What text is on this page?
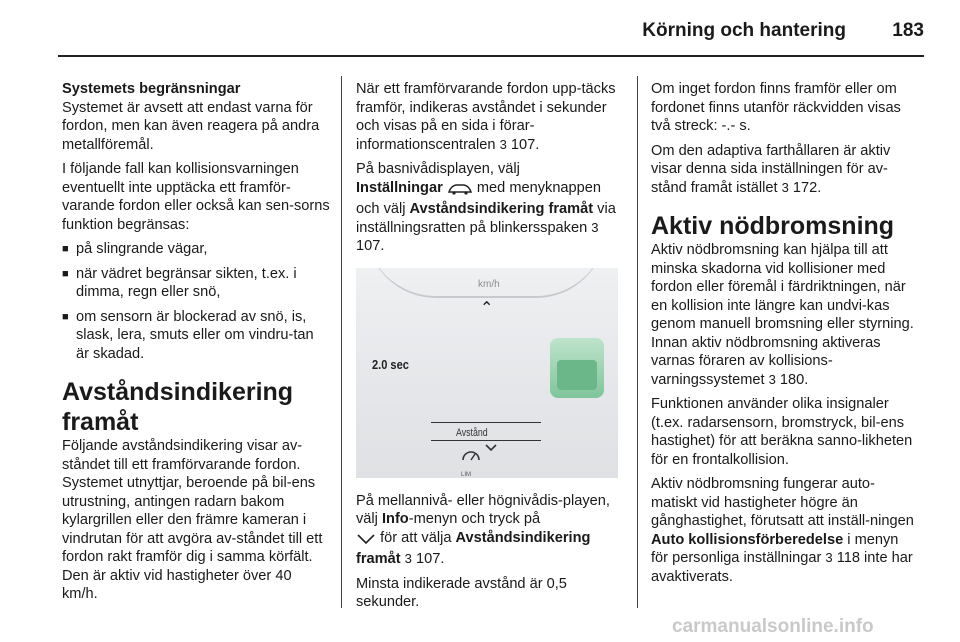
Körning och hantering 183

Systemets begränsningar

Systemet är avsett att endast varna för fordon, men kan även reagera på andra metallföremål.

I följande fall kan kollisionsvarningen eventuellt inte upptäcka ett framför-varande fordon eller också kan sen-sorns funktion begränsas:

■ på slingrande vägar,
■ när vädret begränsar sikten, t.ex. i dimma, regn eller snö,
■ om sensorn är blockerad av snö, is, slask, lera, smuts eller om vindru-tan är skadad.
Avståndsindikering framåt

Följande avståndsindikering visar av-ståndet till ett framförvarande fordon. Systemet utnyttjar, beroende på bil-ens utrustning, antingen radarn bakom kylargrillen eller den främre kameran i vindrutan för att avgöra av-ståndet till ett fordon rakt framför dig i samma körfält. Den är aktiv vid hastigheter över 40 km/h.

När ett framförvarande fordon upp-täcks framför, indikeras avståndet i sekunder och visas på en sida i förar-informationscentralen 3 107.

På basnivådisplayen, välj
Inställningar med menyknappen och välj Avståndsindikering framåt via inställningsratten på blinkersspaken 3 107.

km/h
⌃
2.0 sec
Avstånd
LIM

På mellannivå- eller högnivådis-playen, välj Info-menyn och tryck på
för att välja Avståndsindikering framåt 3 107.

Minsta indikerade avstånd är 0,5 sekunder.

Om inget fordon finns framför eller om fordonet finns utanför räckvidden visas två streck: -.- s.

Om den adaptiva farthållaren är aktiv visar denna sida inställningen för av-stånd framåt istället 3 172.

Aktiv nödbromsning

Aktiv nödbromsning kan hjälpa till att minska skadorna vid kollisioner med fordon eller föremål i färdriktningen, när en kollision inte längre kan undvi-kas genom manuell bromsning eller styrning. Innan aktiv nödbromsning aktiveras varnas föraren av kollisions-varningssystemet 3 180.

Funktionen använder olika insignaler (t.ex. radarsensorn, bromstryck, bil-ens hastighet) för att beräkna sanno-likheten för en frontalkollision.

Aktiv nödbromsning fungerar auto-matiskt vid hastigheter högre än gånghastighet, förutsatt att inställ-ningen Auto kollisionsförberedelse i menyn för personliga inställningar 3 118 inte har avaktiverats.

carmanualsonline.info
